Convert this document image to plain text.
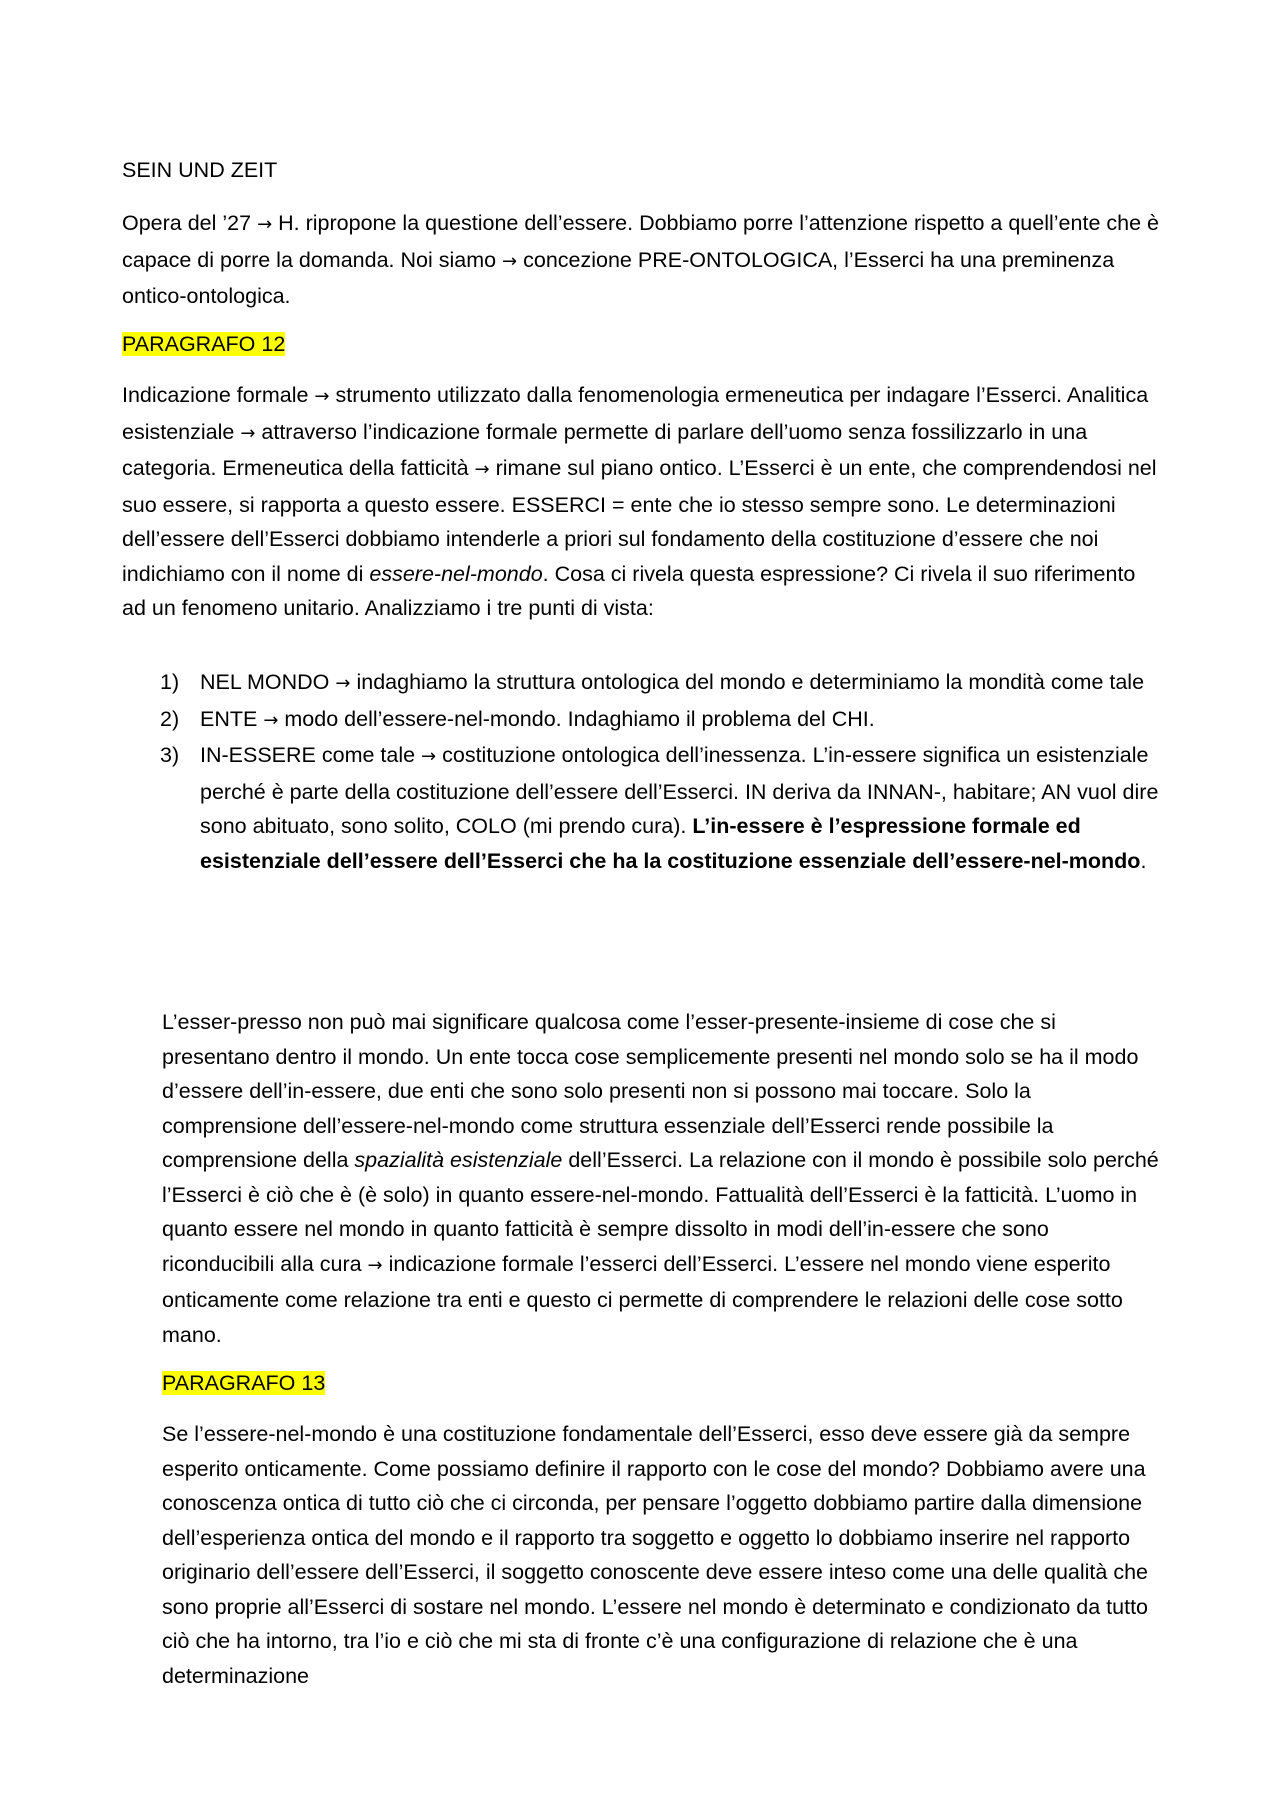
SEIN UND ZEIT

Opera del ’27 → H. ripropone la questione dell’essere. Dobbiamo porre l’attenzione rispetto a quell’ente che è capace di porre la domanda. Noi siamo → concezione PRE-ONTOLOGICA, l’Esserci ha una preminenza ontico-ontologica.

PARAGRAFO 12

Indicazione formale → strumento utilizzato dalla fenomenologia ermeneutica per indagare l’Esserci. Analitica esistenziale → attraverso l’indicazione formale permette di parlare dell’uomo senza fossilizzarlo in una categoria. Ermeneutica della fatticità → rimane sul piano ontico. L’Esserci è un ente, che comprendendosi nel suo essere, si rapporta a questo essere. ESSERCI = ente che io stesso sempre sono. Le determinazioni dell’essere dell’Esserci dobbiamo intenderle a priori sul fondamento della costituzione d’essere che noi indichiamo con il nome di essere-nel-mondo. Cosa ci rivela questa espressione? Ci rivela il suo riferimento ad un fenomeno unitario. Analizziamo i tre punti di vista:

1) NEL MONDO → indaghiamo la struttura ontologica del mondo e determiniamo la mondità come tale
2) ENTE → modo dell’essere-nel-mondo. Indaghiamo il problema del CHI.
3) IN-ESSERE come tale → costituzione ontologica dell’inessenza. L’in-essere significa un esistenziale perché è parte della costituzione dell’essere dell’Esserci. IN deriva da INNAN-, habitare; AN vuol dire sono abituato, sono solito, COLO (mi prendo cura). L’in-essere è l’espressione formale ed esistenziale dell’essere dell’Esserci che ha la costituzione essenziale dell’essere-nel-mondo.

L’esser-presso non può mai significare qualcosa come l’esser-presente-insieme di cose che si presentano dentro il mondo. Un ente tocca cose semplicemente presenti nel mondo solo se ha il modo d’essere dell’in-essere, due enti che sono solo presenti non si possono mai toccare. Solo la comprensione dell’essere-nel-mondo come struttura essenziale dell’Esserci rende possibile la comprensione della spazialità esistenziale dell’Esserci. La relazione con il mondo è possibile solo perché l’Esserci è ciò che è (è solo) in quanto essere-nel-mondo. Fattualità dell’Esserci è la fatticità. L’uomo in quanto essere nel mondo in quanto fatticità è sempre dissolto in modi dell’in-essere che sono riconducibili alla cura → indicazione formale l’esserci dell’Esserci. L’essere nel mondo viene esperito onticamente come relazione tra enti e questo ci permette di comprendere le relazioni delle cose sotto mano.

PARAGRAFO 13

Se l’essere-nel-mondo è una costituzione fondamentale dell’Esserci, esso deve essere già da sempre esperito onticamente. Come possiamo definire il rapporto con le cose del mondo? Dobbiamo avere una conoscenza ontica di tutto ciò che ci circonda, per pensare l’oggetto dobbiamo partire dalla dimensione dell’esperienza ontica del mondo e il rapporto tra soggetto e oggetto lo dobbiamo inserire nel rapporto originario dell’essere dell’Esserci, il soggetto conoscente deve essere inteso come una delle qualità che sono proprie all’Esserci di sostare nel mondo. L’essere nel mondo è determinato e condizionato da tutto ciò che ha intorno, tra l’io e ciò che mi sta di fronte c’è una configurazione di relazione che è una determinazione
